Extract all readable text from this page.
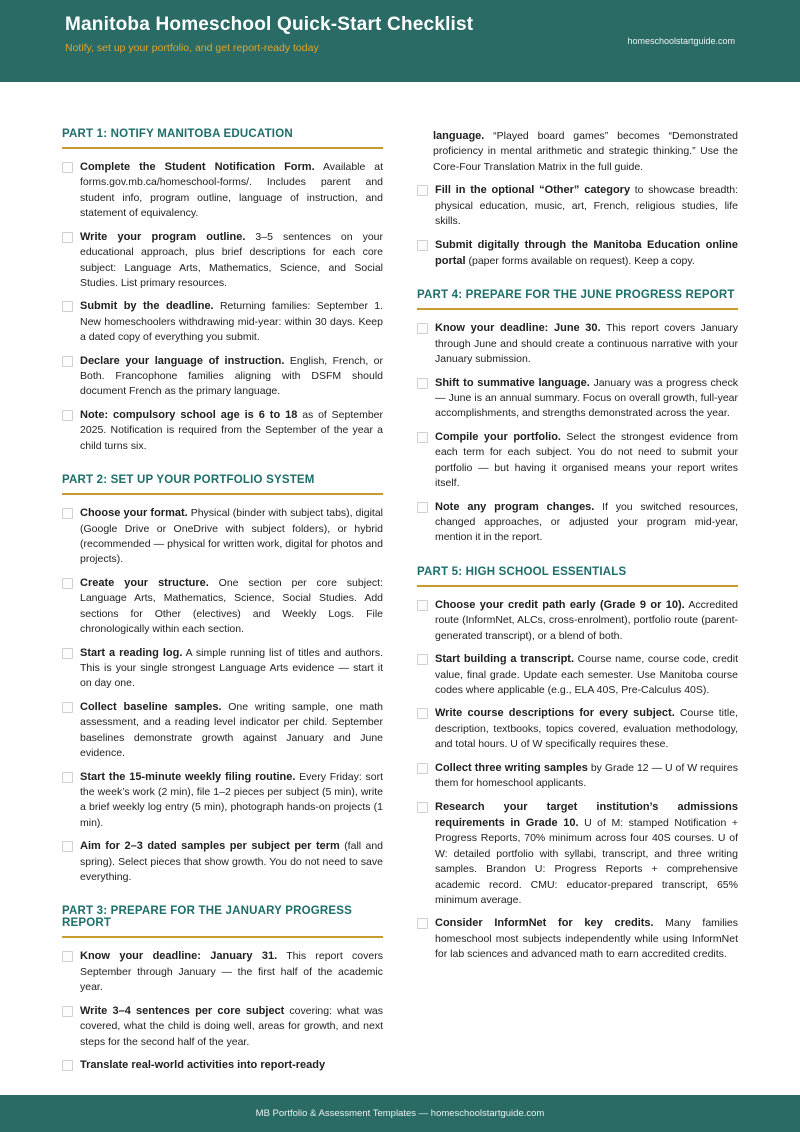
Manitoba Homeschool Quick-Start Checklist

Notify, set up your portfolio, and get report-ready today

homeschoolstartguide.com
PART 1: NOTIFY MANITOBA EDUCATION

Complete the Student Notification Form. Available at forms.gov.mb.ca/homeschool-forms/. Includes parent and student info, program outline, language of instruction, and statement of equivalency.

Write your program outline. 3–5 sentences on your educational approach, plus brief descriptions for each core subject: Language Arts, Mathematics, Science, and Social Studies. List primary resources.

Submit by the deadline. Returning families: September 1. New homeschoolers withdrawing mid-year: within 30 days. Keep a dated copy of everything you submit.

Declare your language of instruction. English, French, or Both. Francophone families aligning with DSFM should document French as the primary language.

Note: compulsory school age is 6 to 18 as of September 2025. Notification is required from the September of the year a child turns six.

PART 2: SET UP YOUR PORTFOLIO SYSTEM

Choose your format. Physical (binder with subject tabs), digital (Google Drive or OneDrive with subject folders), or hybrid (recommended — physical for written work, digital for photos and projects).

Create your structure. One section per core subject: Language Arts, Mathematics, Science, Social Studies. Add sections for Other (electives) and Weekly Logs. File chronologically within each section.

Start a reading log. A simple running list of titles and authors. This is your single strongest Language Arts evidence — start it on day one.

Collect baseline samples. One writing sample, one math assessment, and a reading level indicator per child. September baselines demonstrate growth against January and June evidence.

Start the 15-minute weekly filing routine. Every Friday: sort the week’s work (2 min), file 1–2 pieces per subject (5 min), write a brief weekly log entry (5 min), photograph hands-on projects (1 min).

Aim for 2–3 dated samples per subject per term (fall and spring). Select pieces that show growth. You do not need to save everything.

PART 3: PREPARE FOR THE JANUARY PROGRESS REPORT

Know your deadline: January 31. This report covers September through January — the first half of the academic year.

Write 3–4 sentences per core subject covering: what was covered, what the child is doing well, areas for growth, and next steps for the second half of the year.

Translate real-world activities into report-ready

language. “Played board games” becomes “Demonstrated proficiency in mental arithmetic and strategic thinking.” Use the Core-Four Translation Matrix in the full guide.

Fill in the optional “Other” category to showcase breadth: physical education, music, art, French, religious studies, life skills.

Submit digitally through the Manitoba Education online portal (paper forms available on request). Keep a copy.

PART 4: PREPARE FOR THE JUNE PROGRESS REPORT

Know your deadline: June 30. This report covers January through June and should create a continuous narrative with your January submission.

Shift to summative language. January was a progress check — June is an annual summary. Focus on overall growth, full-year accomplishments, and strengths demonstrated across the year.

Compile your portfolio. Select the strongest evidence from each term for each subject. You do not need to submit your portfolio — but having it organised means your report writes itself.

Note any program changes. If you switched resources, changed approaches, or adjusted your program mid-year, mention it in the report.

PART 5: HIGH SCHOOL ESSENTIALS

Choose your credit path early (Grade 9 or 10). Accredited route (InformNet, ALCs, cross-enrolment), portfolio route (parent-generated transcript), or a blend of both.

Start building a transcript. Course name, course code, credit value, final grade. Update each semester. Use Manitoba course codes where applicable (e.g., ELA 40S, Pre-Calculus 40S).

Write course descriptions for every subject. Course title, description, textbooks, topics covered, evaluation methodology, and total hours. U of W specifically requires these.

Collect three writing samples by Grade 12 — U of W requires them for homeschool applicants.

Research your target institution’s admissions requirements in Grade 10. U of M: stamped Notification + Progress Reports, 70% minimum across four 40S courses. U of W: detailed portfolio with syllabi, transcript, and three writing samples. Brandon U: Progress Reports + comprehensive academic record. CMU: educator-prepared transcript, 65% minimum average.

Consider InformNet for key credits. Many families homeschool most subjects independently while using InformNet for lab sciences and advanced math to earn accredited credits.

MB Portfolio & Assessment Templates — homeschoolstartguide.com
